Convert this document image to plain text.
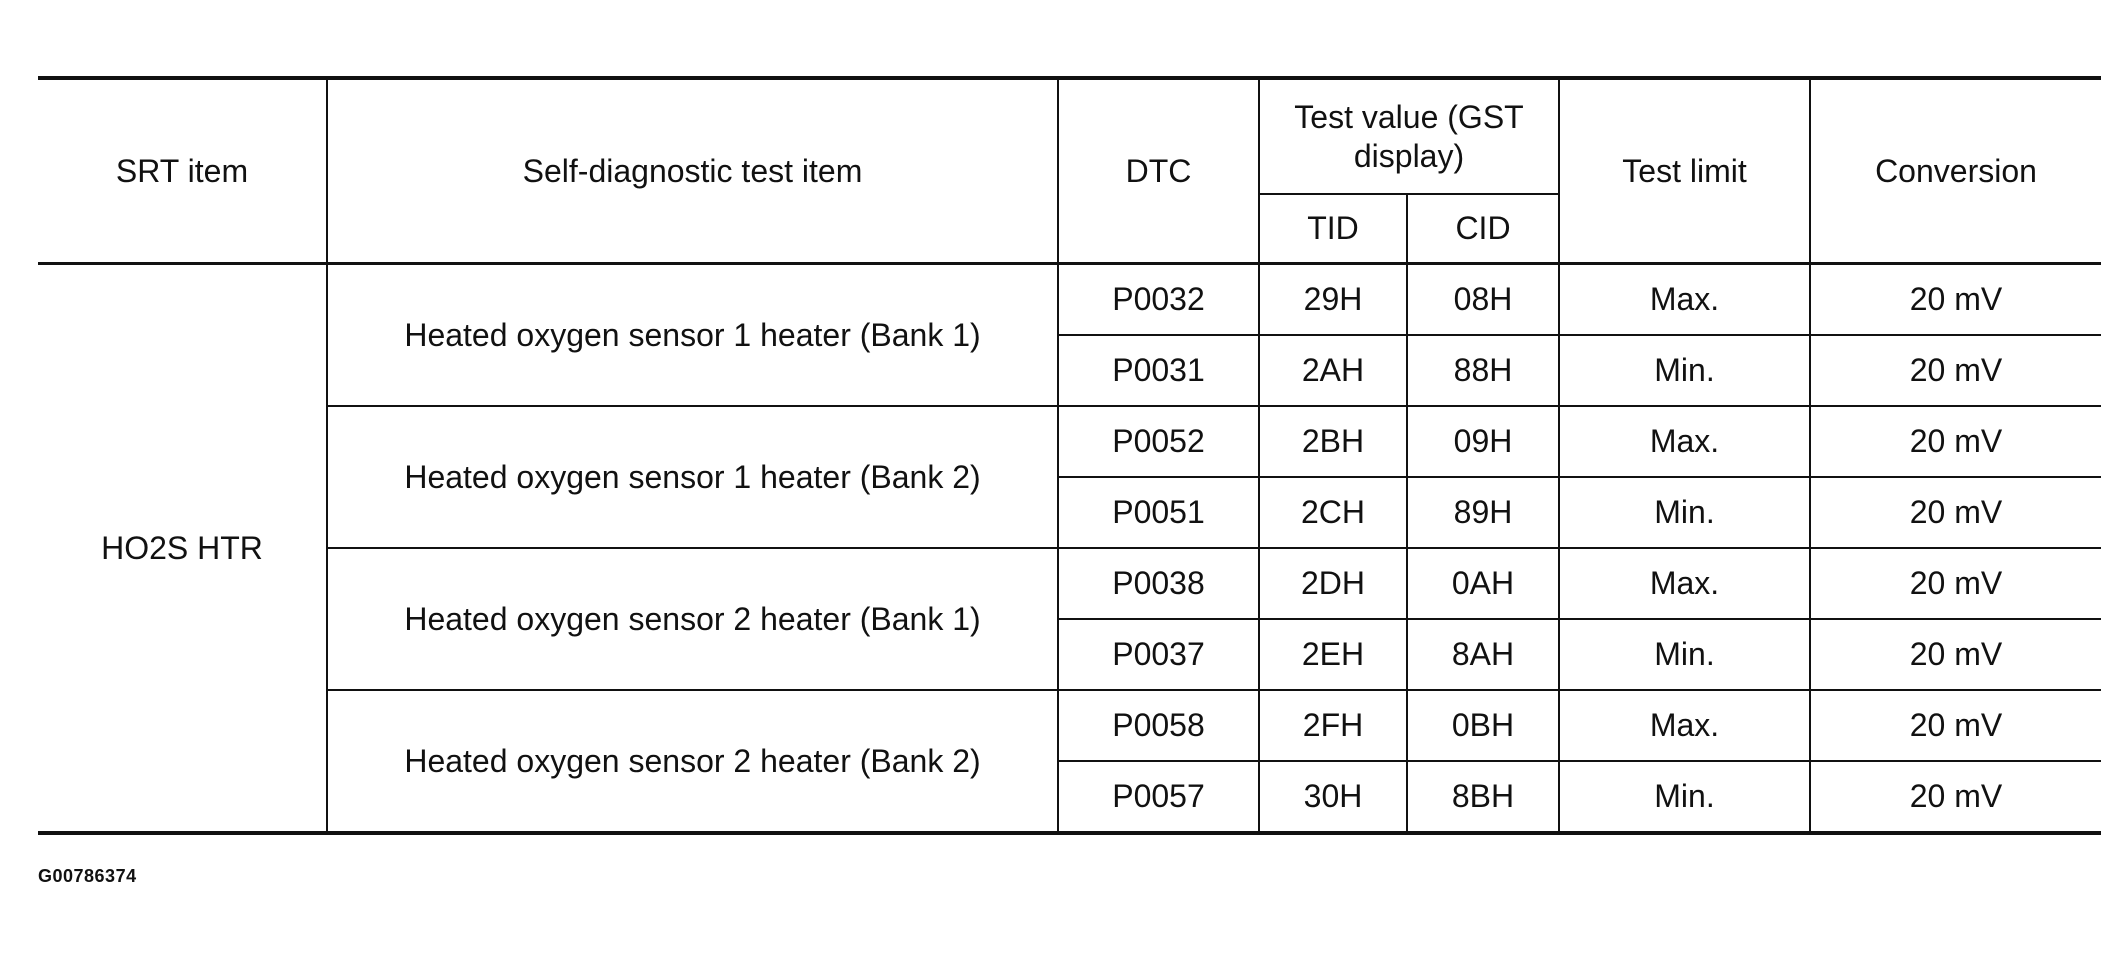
SRT item	Self-diagnostic test item	DTC	Test value (GST display)		Test limit	Conversion
			TID	CID		
HO2S HTR	Heated oxygen sensor 1 heater (Bank 1)	P0032	29H	08H	Max.	20 mV
		P0031	2AH	88H	Min.	20 mV
	Heated oxygen sensor 1 heater (Bank 2)	P0052	2BH	09H	Max.	20 mV
		P0051	2CH	89H	Min.	20 mV
	Heated oxygen sensor 2 heater (Bank 1)	P0038	2DH	0AH	Max.	20 mV
		P0037	2EH	8AH	Min.	20 mV
	Heated oxygen sensor 2 heater (Bank 2)	P0058	2FH	0BH	Max.	20 mV
		P0057	30H	8BH	Min.	20 mV
G00786374
